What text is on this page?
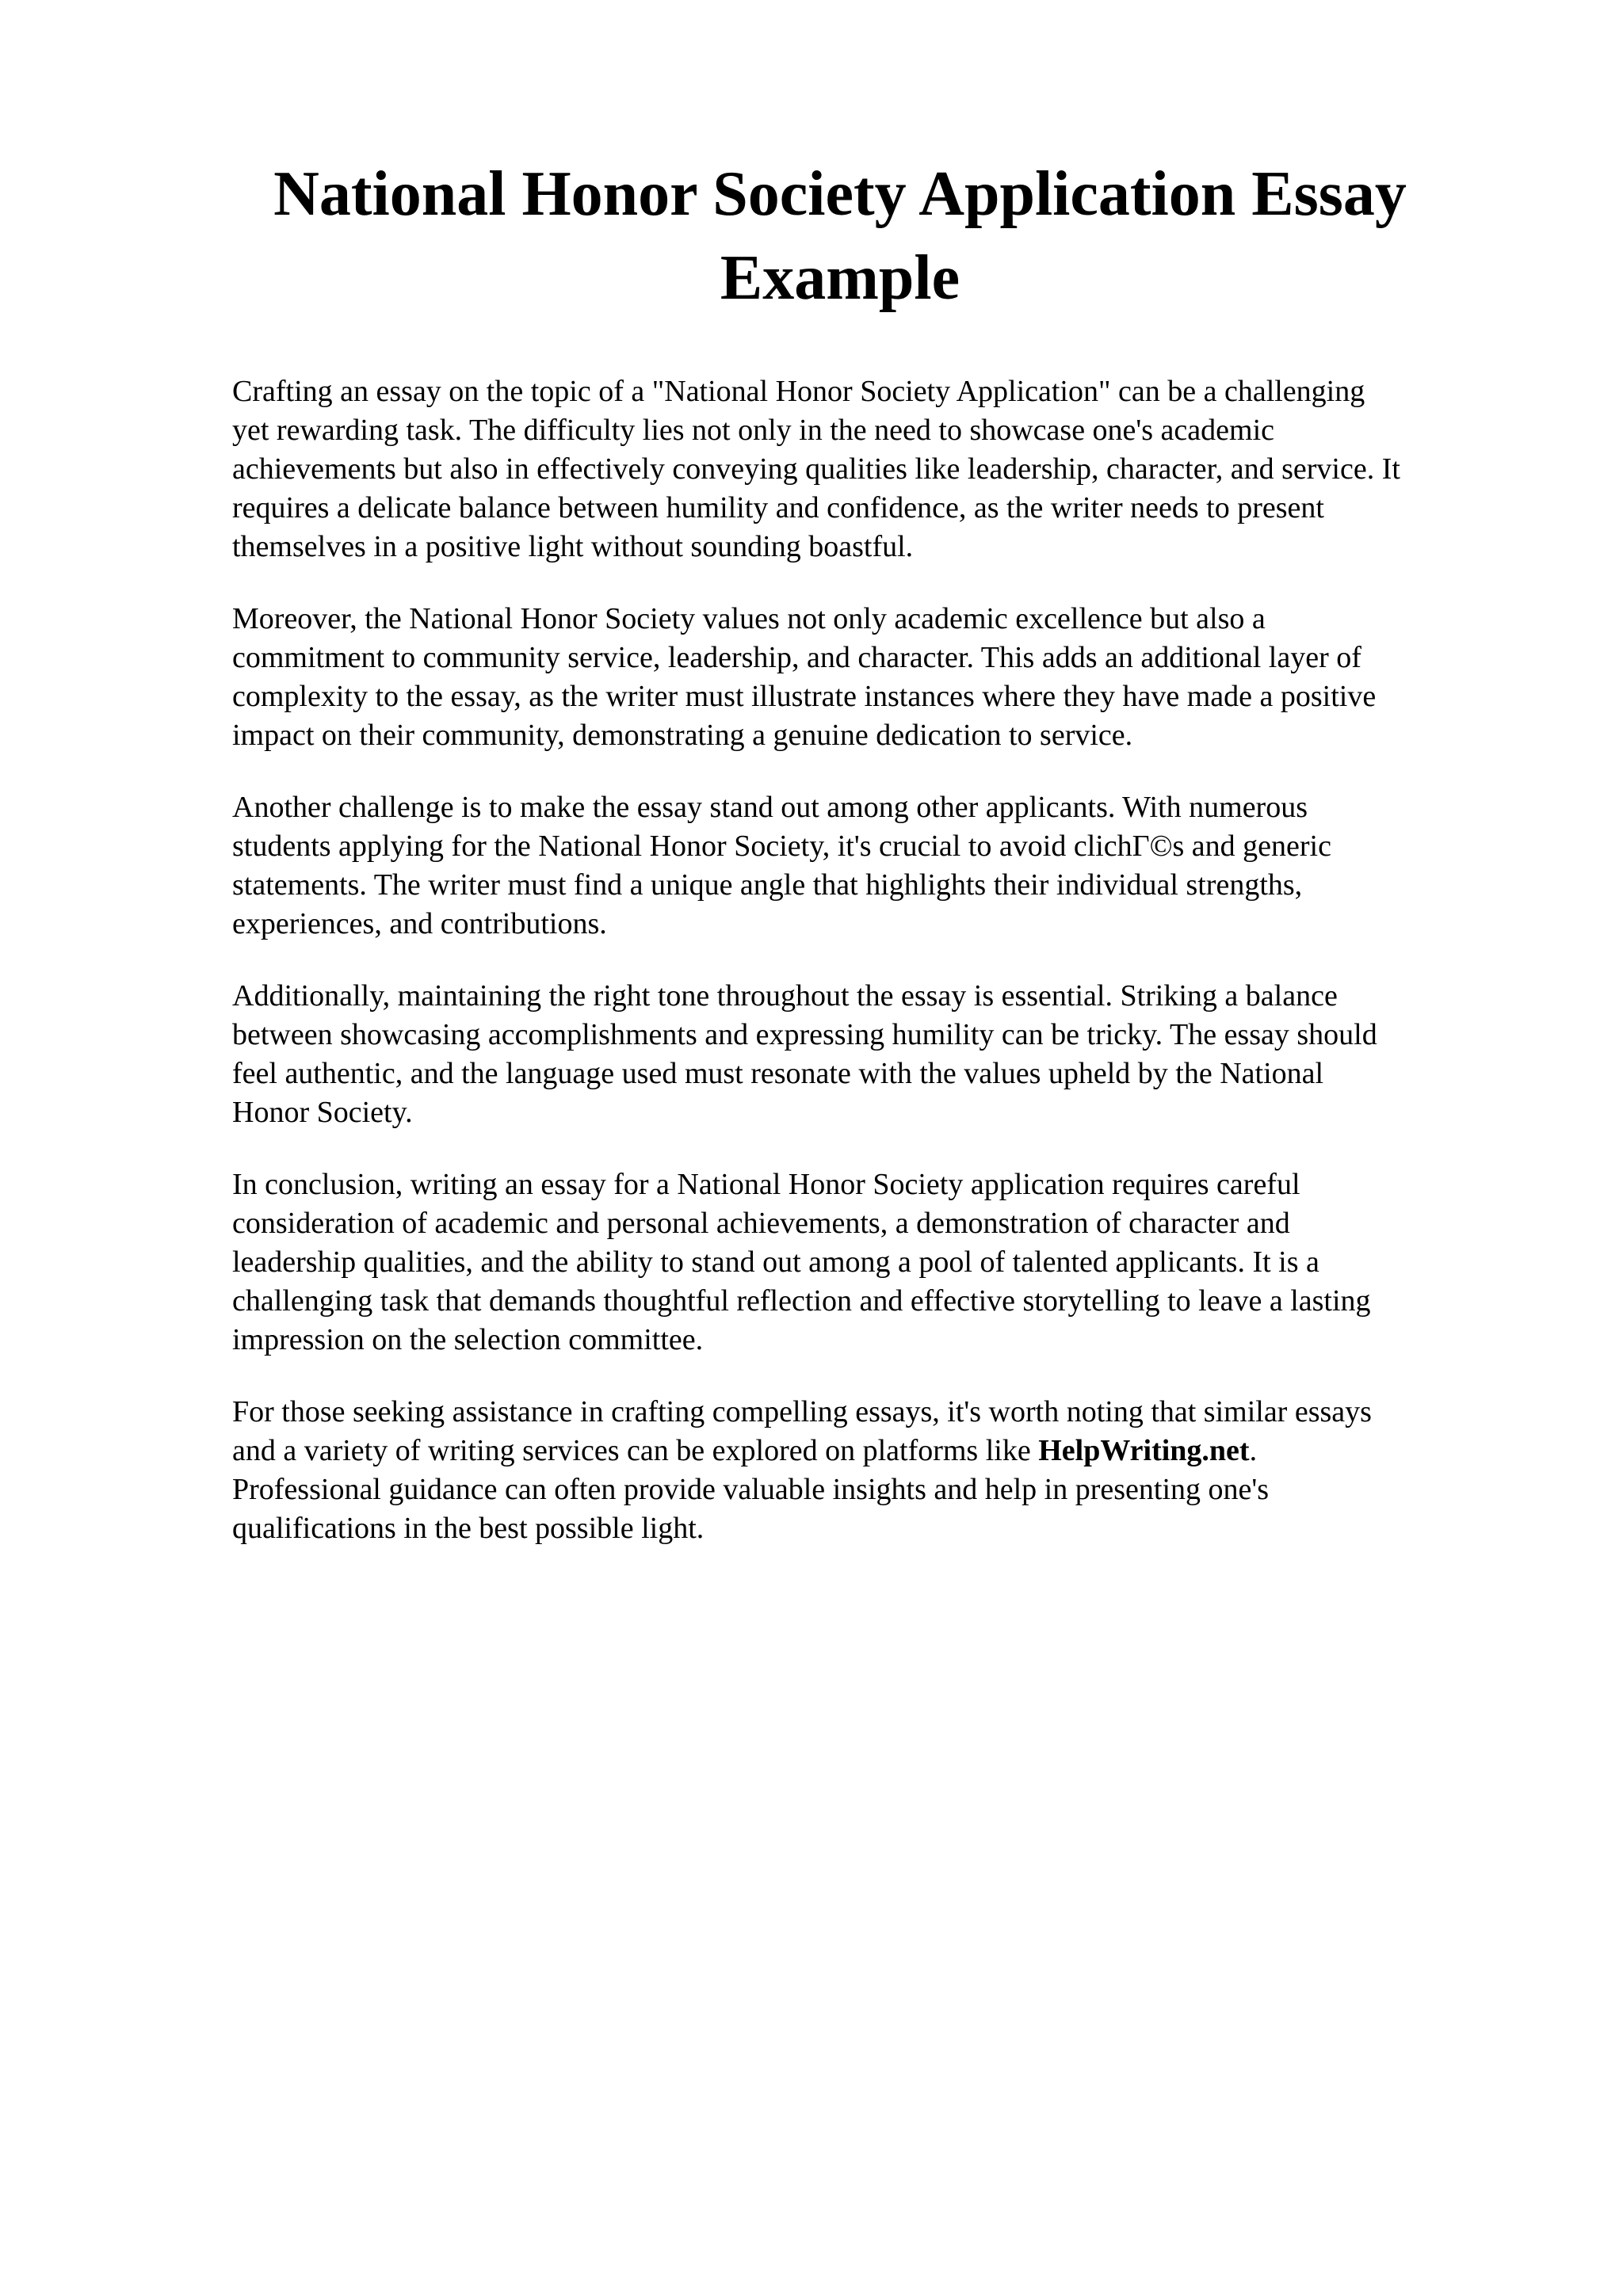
National Honor Society Application Essay
Example

Crafting an essay on the topic of a "National Honor Society Application" can be a challenging
yet rewarding task. The difficulty lies not only in the need to showcase one's academic
achievements but also in effectively conveying qualities like leadership, character, and service. It
requires a delicate balance between humility and confidence, as the writer needs to present
themselves in a positive light without sounding boastful.

Moreover, the National Honor Society values not only academic excellence but also a
commitment to community service, leadership, and character. This adds an additional layer of
complexity to the essay, as the writer must illustrate instances where they have made a positive
impact on their community, demonstrating a genuine dedication to service.

Another challenge is to make the essay stand out among other applicants. With numerous
students applying for the National Honor Society, it's crucial to avoid clichГ©s and generic
statements. The writer must find a unique angle that highlights their individual strengths,
experiences, and contributions.

Additionally, maintaining the right tone throughout the essay is essential. Striking a balance
between showcasing accomplishments and expressing humility can be tricky. The essay should
feel authentic, and the language used must resonate with the values upheld by the National
Honor Society.

In conclusion, writing an essay for a National Honor Society application requires careful
consideration of academic and personal achievements, a demonstration of character and
leadership qualities, and the ability to stand out among a pool of talented applicants. It is a
challenging task that demands thoughtful reflection and effective storytelling to leave a lasting
impression on the selection committee.

For those seeking assistance in crafting compelling essays, it's worth noting that similar essays
and a variety of writing services can be explored on platforms like HelpWriting.net.
Professional guidance can often provide valuable insights and help in presenting one's
qualifications in the best possible light.
